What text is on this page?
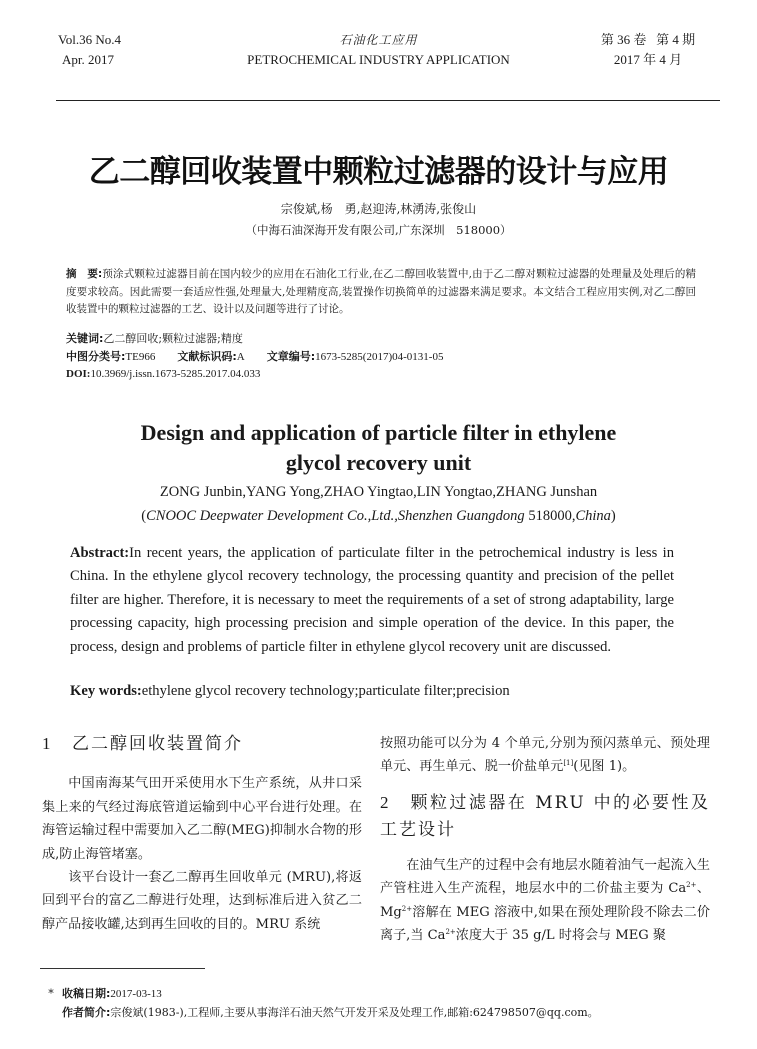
Vol.36 No.4
Apr. 2017
石油化工应用
PETROCHEMICAL INDUSTRY APPLICATION
第 36 卷   第 4 期
2017 年 4 月
乙二醇回收装置中颗粒过滤器的设计与应用
宗俊斌,杨　勇,赵迎涛,林湧涛,张俊山
（中海石油深海开发有限公司,广东深圳　518000）
摘　要:预涂式颗粒过滤器目前在国内较少的应用在石油化工行业,在乙二醇回收装置中,由于乙二醇对颗粒过滤器的处理量及处理后的精度要求较高。因此需要一套适应性强,处理量大,处理精度高,装置操作切换简单的过滤器来满足要求。本文结合工程应用实例,对乙二醇回收装置中的颗粒过滤器的工艺、设计以及问题等进行了讨论。
关键词:乙二醇回收;颗粒过滤器;精度
中图分类号:TE966 文献标识码:A 文章编号:1673-5285(2017)04-0131-05
DOI:10.3969/j.issn.1673-5285.2017.04.033
Design and application of particle filter in ethylene
glycol recovery unit
ZONG Junbin,YANG Yong,ZHAO Yingtao,LIN Yongtao,ZHANG Junshan
(CNOOC Deepwater Development Co.,Ltd.,Shenzhen Guangdong 518000,China)
Abstract:In recent years, the application of particulate filter in the petrochemical industry is less in China. In the ethylene glycol recovery technology, the processing quantity and precision of the pellet filter are higher. Therefore, it is necessary to meet the requirements of a set of strong adaptability, large processing capacity, high processing precision and simple operation of the device. In this paper, the process, design and problems of particle filter in ethylene glycol recovery unit are discussed.
Key words:ethylene glycol recovery technology;particulate filter;precision
1 乙二醇回收装置简介
中国南海某气田开采使用水下生产系统，从井口采集上来的气经过海底管道运输到中心平台进行处理。在海管运输过程中需要加入乙二醇(MEG)抑制水合物的形成,防止海管堵塞。
该平台设计一套乙二醇再生回收单元 (MRU),将返回到平台的富乙二醇进行处理，达到标准后进入贫乙二醇产品接收罐,达到再生回收的目的。MRU 系统
按照功能可以分为 4 个单元,分别为预闪蒸单元、预处理单元、再生单元、脱一价盐单元[1](见图 1)。
2 颗粒过滤器在 MRU 中的必要性及工艺设计
在油气生产的过程中会有地层水随着油气一起流入生产管柱进入生产流程，地层水中的二价盐主要为 $Ca^{2+}$、$Mg^{2+}$溶解在 MEG 溶液中,如果在预处理阶段不除去二价离子,当 $Ca^{2+}$浓度大于 35 g/L 时将会与 MEG 聚
* 收稿日期:2017-03-13
作者简介:宗俊斌(1983-),工程师,主要从事海洋石油天然气开发开采及处理工作,邮箱:624798507@qq.com。
